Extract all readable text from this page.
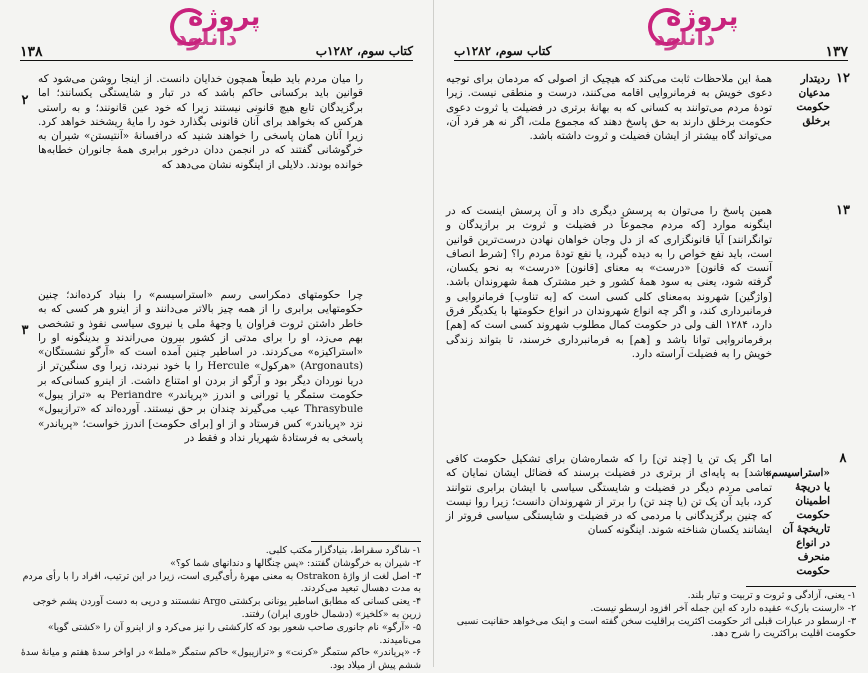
۱۳۸	کتاب سوم، ۱۲۸۲ب
پروژه
دانلود

را میان مردم باید طبعاً همچون خدایان دانست. از اینجا روشن می‌شود که قوانین باید برکسانی حاکم باشد که در تبار و شایستگی یکسانند؛ اما برگزیدگان تابع هیچ قانونی نیستند زیرا که خود عین قانونند؛ و به راستی هرکس که بخواهد برای آنان قانونی بگذارد خود را مایهٔ ریشخند خواهد کرد. زیرا آنان همان پاسخی را خواهند شنید که درافسانهٔ «آنتیستن» شیران به خرگوشانی گفتند که در انجمن ددان درخور برابری همهٔ جانوران خطابه‌ها خوانده بودند. دلایلی از اینگونه نشان می‌دهد که

۲

چرا حکومتهای دمکراسی رسم «استراسیسم» را بنیاد کرده‌اند؛ چنین حکومتهایی برابری را از همه چیز بالاتر می‌دانند و از اینرو هر کسی که به خاطر داشتن ثروت فراوان یا وجههٔ ملی یا نیروی سیاسی نفوذ و تشخصی بهم می‌زد، او را برای مدتی از کشور بیرون می‌راندند و بدینگونه او را «استراکیزه» می‌کردند. در اساطیر چنین آمده است که «آرگو نشستگان» (Argonauts) «هرکول» Hercule را با خود نبردند، زیرا وی سنگین‌تر از دریا نوردان دیگر بود و آرگو از بردن او امتناع داشت. از اینرو کسانی‌که بر حکومت ستمگر یا تورانی و اندرز «پریاندر» Periandre به «تراز یبول» Thrasybule عیب می‌گیرند چندان بر حق نیستند. آورده‌اند که «ترازیبول» نزد «پریاندر» کس فرستاد و از او [برای حکومت] اندرز خواست؛ «پریاندر» پاسخی به فرستادهٔ شهریار نداد و فقط در

۳

۱- شاگرد سقراط، بنیادگزار مکتب کلبی.

۲- شیران به خرگوشان گفتند: «پس چنگالها و دندانهای شما کو؟»

۳- اصل لغت از واژهٔ Ostrakon به معنی مهرهٔ رأی‌گیری است، زیرا در این ترتیب، افراد را با رأی مردم به مدت دهسال تبعید می‌کردند.

۴- یعنی کسانی که مطابق اساطیر یونانی برکشتی Argo نشستند و دریی به دست آوردن پشم خوجی زرین به «کلخیز» (دشمال خاوری ایران) رفتند.

۵- «آرگو» نام جانوری صاحب شعور بود که کارکشتی را نیز می‌کرد و از اینرو آن را «کشتی گویا» می‌نامیدند.

۶- «پریاندر» حاکم ستمگر «کرنت» و «ترازیبول» حاکم ستمگر «ملط» در اواخر سدهٔ هفتم و میانهٔ سدهٔ ششم پیش از میلاد بود.

کتاب سوم، ۱۲۸۲ب	۱۳۷
پروژه
دانلود
۱۲
ردیتدار مدعیان حکومت برخلق

همهٔ این ملاحظات ثابت می‌کند که هیچیک از اصولی که مردمان برای توجیه دعوی خویش به فرمانروایی اقامه می‌کنند، درست و منطقی نیست. زیرا تودهٔ مردم می‌توانند به کسانی که به بهانهٔ برتری در فضیلت یا ثروت دعوی حکومت برخلق دارند به حق پاسخ دهند که مجموع ملت، اگر نه هر فرد آن، می‌تواند گاه بیشتر از ایشان فضیلت و ثروت داشته باشد.

۱۳

همین پاسخ را می‌توان به پرسش دیگری داد و آن پرسش اینست که در اینگونه موارد [که مردم مجموعاً در فضیلت و ثروت بر برازیدگان و توانگرانند] آیا قانونگزاری که از دل وجان خواهان نهادن درست‌ترین قوانین است، باید نفع خواص را به دیده گیرد، یا نفع تودهٔ مردم را؟ [شرط انصاف آنست که قانون] «درست» به معنای [قانون] «درست» به نحو یکسان، گرفته شود، یعنی به سود همهٔ کشور و خیر مشترک همهٔ شهروندان باشد. [واژگین] شهروند به‌معنای کلی کسی است که [به تناوب] فرمانروایی و فرمانبرداری کند، و اگر چه انواع شهروندان در انواع حکومتها با یکدیگر فرق دارد، ۱۲۸۴ الف ولی در حکومت کمال مطلوب شهروند کسی است که [هم] برفرمانروایی توانا باشد و [هم] به فرمانبرداری خرسند، تا بتواند زندگی خویش را به فضیلت آراسته دارد.

۸
«استراسیسم» یا دریچهٔ اطمینان حکومت تاریخچهٔ آن در انواع منحرف حکومت

اما اگر یک تن یا [چند تن] را که شماره‌شان برای تشکیل حکومت کافی نباشد] به پایه‌ای از برتری در فضیلت برسند که فضائل ایشان نمایان که تمامی مردم دیگر در فضیلت و شایستگی سیاسی با ایشان برابری نتوانند کرد، باید آن یک تن (یا چند تن) را برتر از شهروندان دانست؛ زیرا روا نیست که چنین برگزیدگانی با مردمی که در فضیلت و شایستگی سیاسی فروتر از ایشانند یکسان شناخته شوند. اینگونه کسان

۱- یعنی، آزادگی و ثروت و تربیت و تبار بلند.

۲- «ارسنت بارک» عقیده دارد که این جمله آخر افزود ارسطو نیست.

۳- ارسطو در عبارات قبلی اثر حکومت اکثریت براقلیت سخن گفته است و اینک می‌خواهد حقانیت نسبی حکومت اقلیت براکثریت را شرح دهد.
